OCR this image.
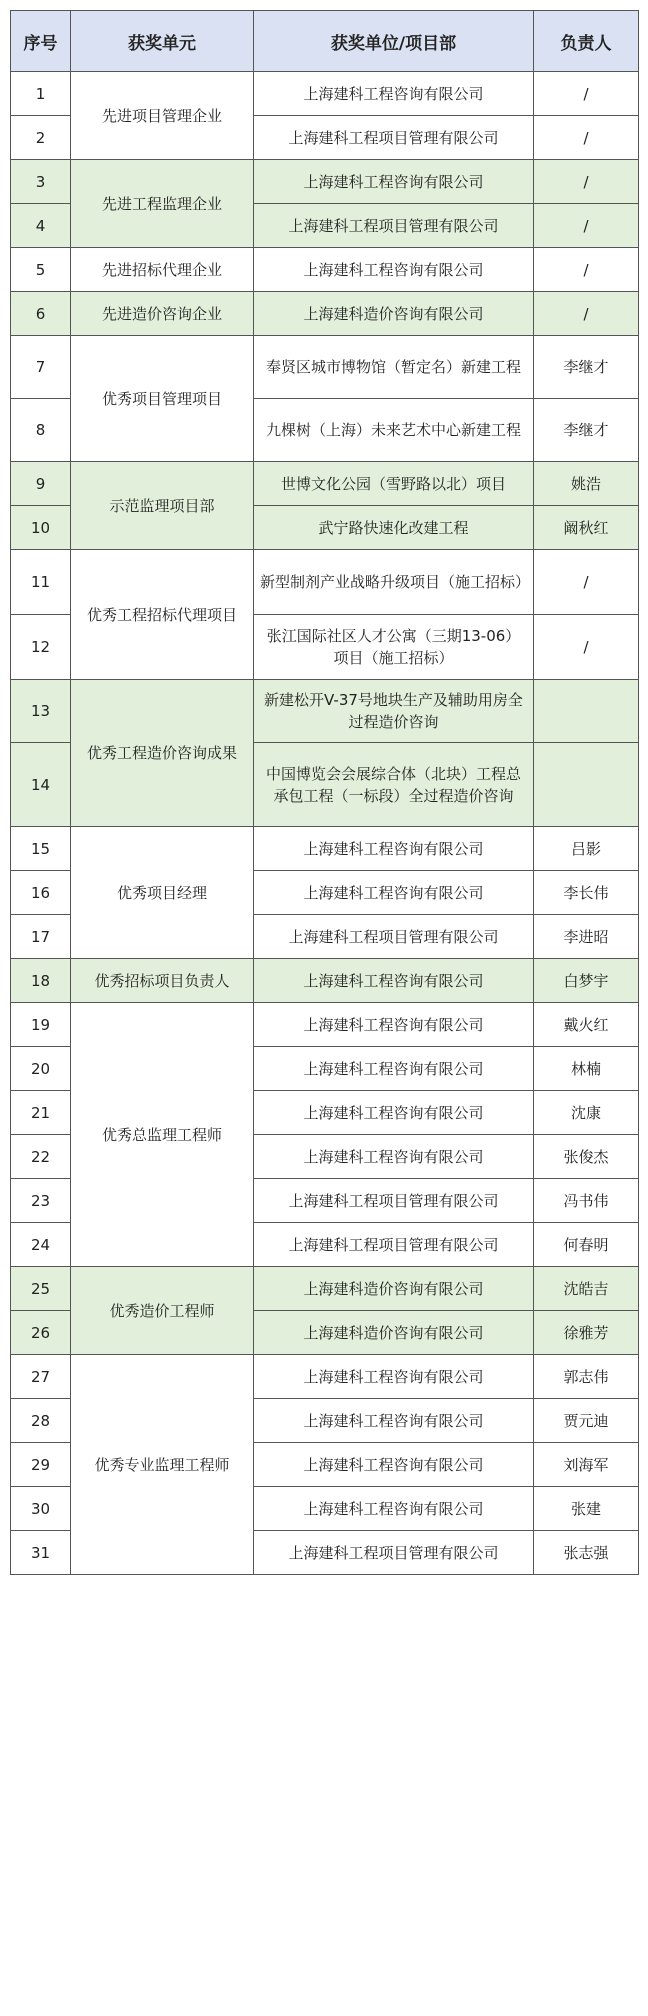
序号	获奖单元	获奖单位/项目部	负责人
1	先进项目管理企业	上海建科工程咨询有限公司	/
2		上海建科工程项目管理有限公司	/
3	先进工程监理企业	上海建科工程咨询有限公司	/
4		上海建科工程项目管理有限公司	/
5	先进招标代理企业	上海建科工程咨询有限公司	/
6	先进造价咨询企业	上海建科造价咨询有限公司	/
7	优秀项目管理项目	奉贤区城市博物馆（暂定名）新建工程	李继才
8		九棵树（上海）未来艺术中心新建工程	李继才
9	示范监理项目部	世博文化公园（雪野路以北）项目	姚浩
10		武宁路快速化改建工程	阚秋红
11	优秀工程招标代理项目	新型制剂产业战略升级项目（施工招标）	/
12		张江国际社区人才公寓（三期13-06）项目（施工招标）	/
13	优秀工程造价咨询成果	新建松开V-37号地块生产及辅助用房全过程造价咨询	
14		中国博览会会展综合体（北块）工程总承包工程（一标段）全过程造价咨询	
15	优秀项目经理	上海建科工程咨询有限公司	吕影
16		上海建科工程咨询有限公司	李长伟
17		上海建科工程项目管理有限公司	李进昭
18	优秀招标项目负责人	上海建科工程咨询有限公司	白梦宇
19	优秀总监理工程师	上海建科工程咨询有限公司	戴火红
20		上海建科工程咨询有限公司	林楠
21		上海建科工程咨询有限公司	沈康
22		上海建科工程咨询有限公司	张俊杰
23		上海建科工程项目管理有限公司	冯书伟
24		上海建科工程项目管理有限公司	何春明
25	优秀造价工程师	上海建科造价咨询有限公司	沈皓吉
26		上海建科造价咨询有限公司	徐雅芳
27	优秀专业监理工程师	上海建科工程咨询有限公司	郭志伟
28		上海建科工程咨询有限公司	贾元迪
29		上海建科工程咨询有限公司	刘海军
30		上海建科工程咨询有限公司	张建
31		上海建科工程项目管理有限公司	张志强
